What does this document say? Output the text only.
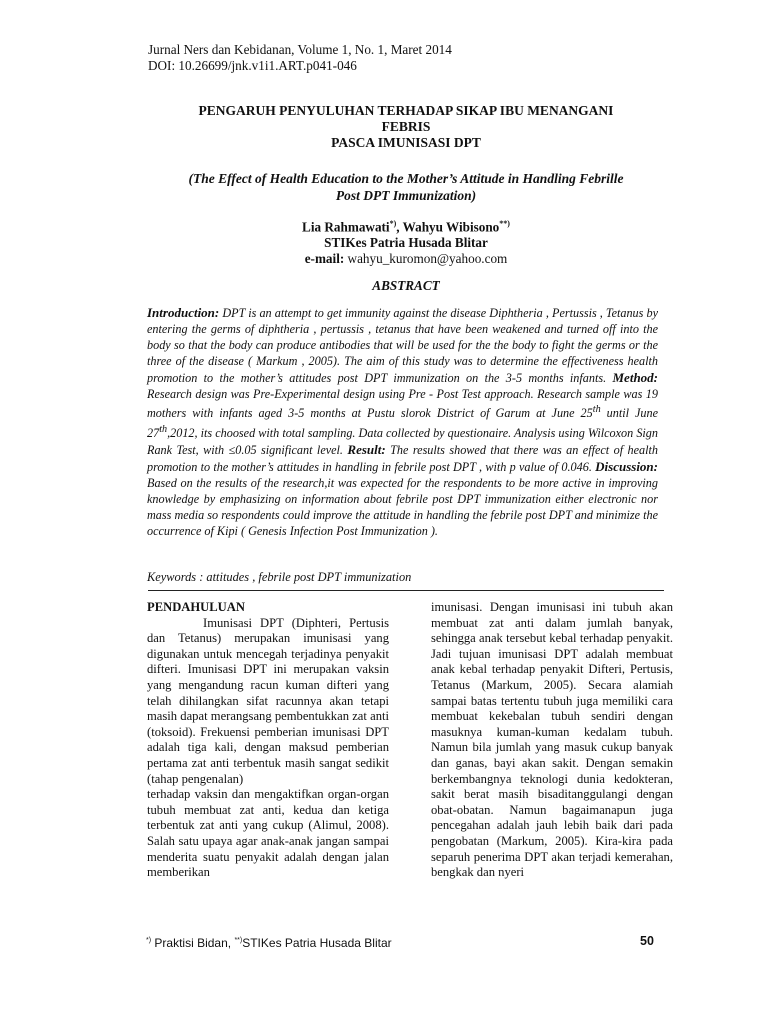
Jurnal Ners dan Kebidanan, Volume 1, No. 1, Maret 2014
DOI: 10.26699/jnk.v1i1.ART.p041-046
PENGARUH PENYULUHAN TERHADAP SIKAP IBU MENANGANI
FEBRIS
PASCA IMUNISASI DPT
(The Effect of Health Education to the Mother’s Attitude in Handling Febrille
Post DPT Immunization)
Lia Rahmawati*), Wahyu Wibisono**)
STIKes Patria Husada Blitar
e-mail: wahyu_kuromon@yahoo.com
ABSTRACT
Introduction: DPT is an attempt to get immunity against the disease Diphtheria , Pertussis , Tetanus by entering the germs of diphtheria , pertussis , tetanus that have been weakened and turned off into the body so that the body can produce antibodies that will be used for the the body to fight the germs or the three of the disease ( Markum , 2005). The aim of this study was to determine the effectiveness health promotion to the mother’s attitudes post DPT immunization on the 3-5 months infants. Method: Research design was Pre-Experimental design using Pre - Post Test approach. Research sample was 19 mothers with infants aged 3-5 months at Pustu slorok District of Garum at June 25th until June 27th,2012, its choosed with total sampling. Data collected by questionaire. Analysis using Wilcoxon Sign Rank Test, with ≤0.05 significant level. Result: The results showed that there was an effect of health promotion to the mother’s attitudes in handling in febrile post DPT , with p value of 0.046. Discussion: Based on the results of the research,it was expected for the respondents to be more active in improving knowledge by emphasizing on information about febrile post DPT immunization either electronic nor mass media so respondents could improve the attitude in handling the febrile post DPT and minimize the occurrence of Kipi ( Genesis Infection Post Immunization ).
Keywords : attitudes , febrile post DPT immunization

PENDAHULUAN

Imunisasi DPT (Diphteri, Pertusis dan Tetanus) merupakan imunisasi yang digunakan untuk mencegah terjadinya penyakit difteri. Imunisasi DPT ini merupakan vaksin yang mengandung racun kuman difteri yang telah dihilangkan sifat racunnya akan tetapi masih dapat merangsang pembentukkan zat anti (toksoid). Frekuensi pemberian imunisasi DPT adalah tiga kali, dengan maksud pemberian pertama zat anti terbentuk masih sangat sedikit (tahap pengenalan)

terhadap vaksin dan mengaktifkan organ-organ tubuh membuat zat anti, kedua dan ketiga terbentuk zat anti yang cukup (Alimul, 2008). Salah satu upaya agar anak-anak jangan sampai menderita suatu penyakit adalah dengan jalan memberikan

imunisasi. Dengan imunisasi ini tubuh akan membuat zat anti dalam jumlah banyak, sehingga anak tersebut kebal terhadap penyakit. Jadi tujuan imunisasi DPT adalah membuat anak kebal terhadap penyakit Difteri, Pertusis, Tetanus (Markum, 2005). Secara alamiah sampai batas tertentu tubuh juga memiliki cara membuat kekebalan tubuh sendiri dengan masuknya kuman-kuman kedalam tubuh. Namun bila jumlah yang masuk cukup banyak dan ganas, bayi akan sakit. Dengan semakin berkembangnya teknologi dunia kedokteran, sakit berat masih bisaditanggulangi dengan obat-obatan. Namun bagaimanapun juga pencegahan adalah jauh lebih baik dari pada pengobatan (Markum, 2005). Kira-kira pada separuh penerima DPT akan terjadi kemerahan, bengkak dan nyeri

*) Praktisi Bidan, **)STIKes Patria Husada Blitar	50
